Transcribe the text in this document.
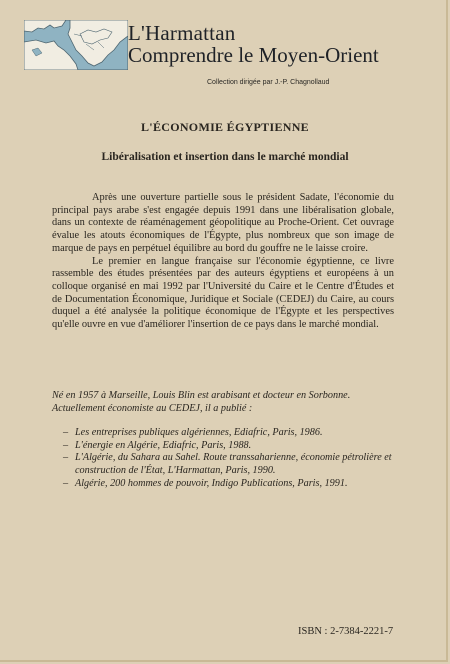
L'Harmattan
Comprendre le Moyen-Orient
Collection dirigée par J.-P. Chagnollaud
L'ÉCONOMIE ÉGYPTIENNE
Libéralisation et insertion dans le marché mondial

Après une ouverture partielle sous le président Sadate, l'économie du principal pays arabe s'est engagée depuis 1991 dans une libéralisation globale, dans un contexte de réaménagement géopolitique au Proche-Orient. Cet ouvrage évalue les atouts économiques de l'Égypte, plus nombreux que son image de marque de pays en perpétuel équilibre au bord du gouffre ne le laisse croire.

Le premier en langue française sur l'économie égyptienne, ce livre rassemble des études présentées par des auteurs égyptiens et européens à un colloque organisé en mai 1992 par l'Université du Caire et le Centre d'Études et de Documentation Économique, Juridique et Sociale (CEDEJ) du Caire, au cours duquel a été analysée la politique économique de l'Égypte et les perspectives qu'elle ouvre en vue d'améliorer l'insertion de ce pays dans le marché mondial.

Né en 1957 à Marseille, Louis Blin est arabisant et docteur en Sorbonne. Actuellement économiste au CEDEJ, il a publié :

– Les entreprises publiques algériennes, Ediafric, Paris, 1986.
– L'énergie en Algérie, Ediafric, Paris, 1988.
– L'Algérie, du Sahara au Sahel. Route transsaharienne, économie pétrolière et construction de l'État, L'Harmattan, Paris, 1990.
– Algérie, 200 hommes de pouvoir, Indigo Publications, Paris, 1991.
ISBN : 2-7384-2221-7
